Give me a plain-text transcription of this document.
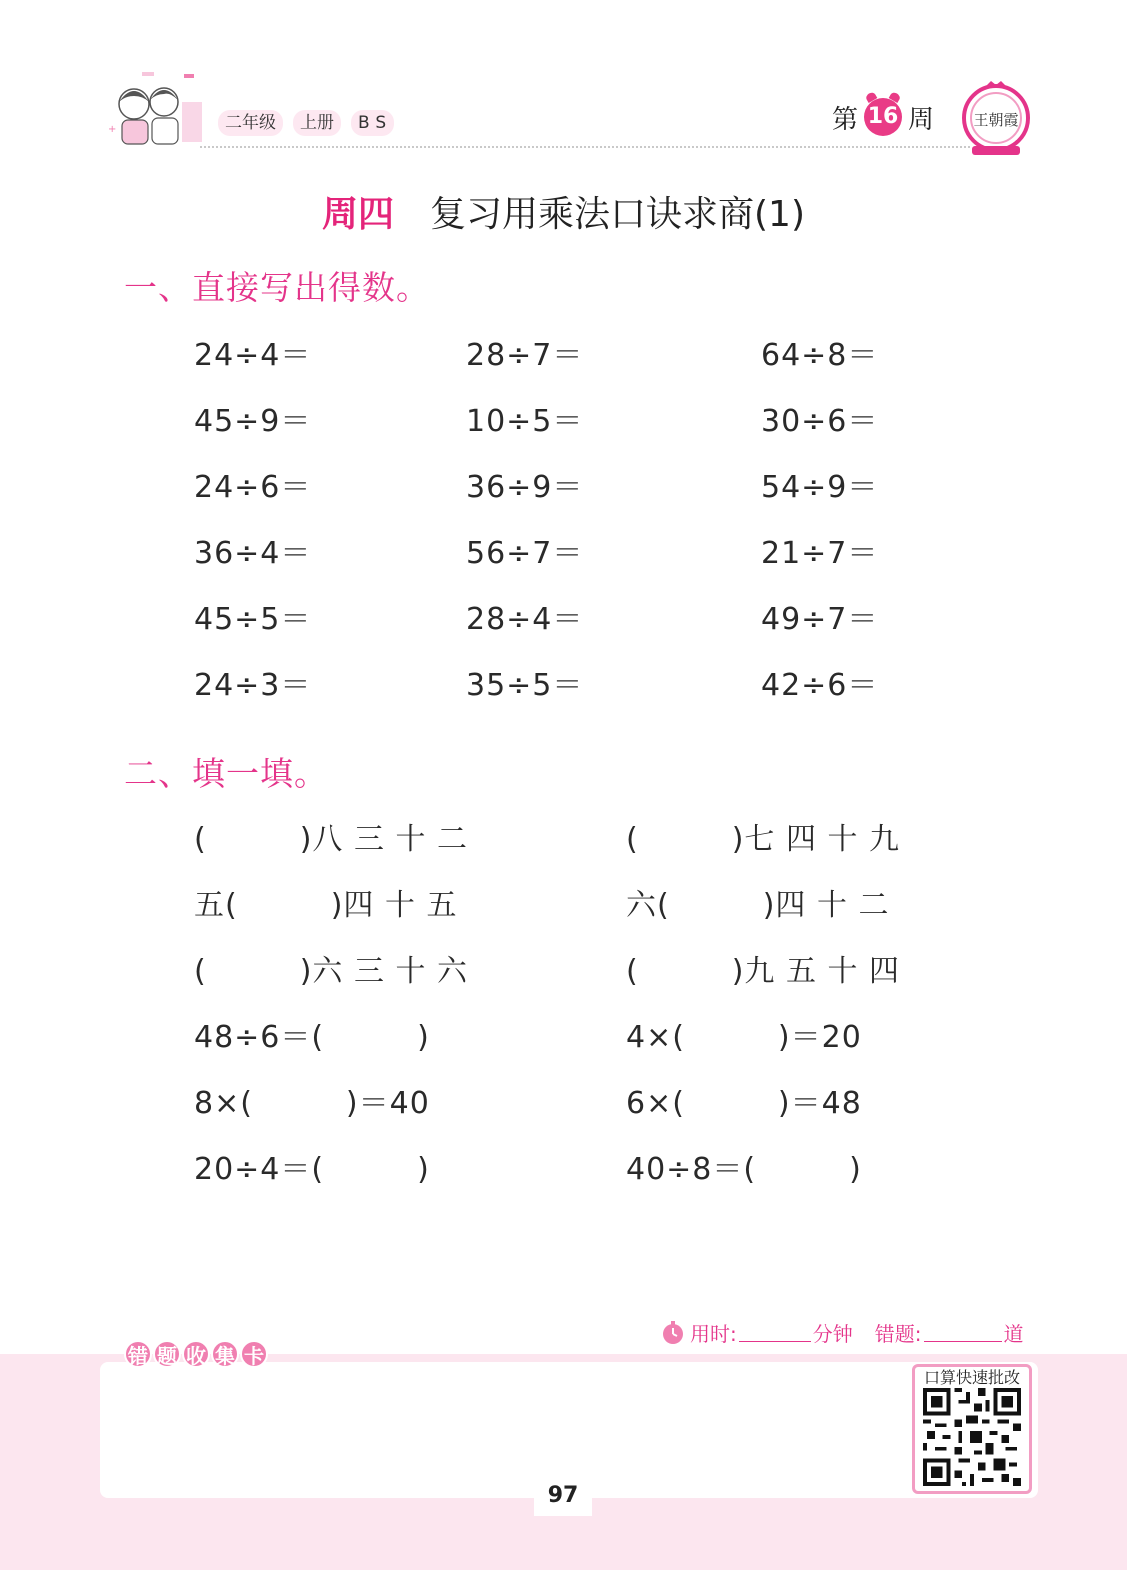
+	二年级	上册	BS	第 16 周	王朝霞
周四 复习用乘法口诀求商(1)
一、直接写出得数。
24÷4＝	28÷7＝	64÷8＝
45÷9＝	10÷5＝	30÷6＝
24÷6＝	36÷9＝	54÷9＝
36÷4＝	56÷7＝	21÷7＝
45÷5＝	28÷4＝	49÷7＝
24÷3＝	35÷5＝	42÷6＝
二、填一填。
(　　　)八 三 十 二	(　　　)七 四 十 九
五(　　　)四 十 五	六(　　　)四 十 二
(　　　)六 三 十 六	(　　　)九 五 十 四
48÷6＝(　　　)	4×(　　　)＝20
8×(　　　)＝40	6×(　　　)＝48
20÷4＝(　　　)	40÷8＝(　　　)
用时:	分钟 错题:	道
错 题 收 集 卡
口算快速批改
97
